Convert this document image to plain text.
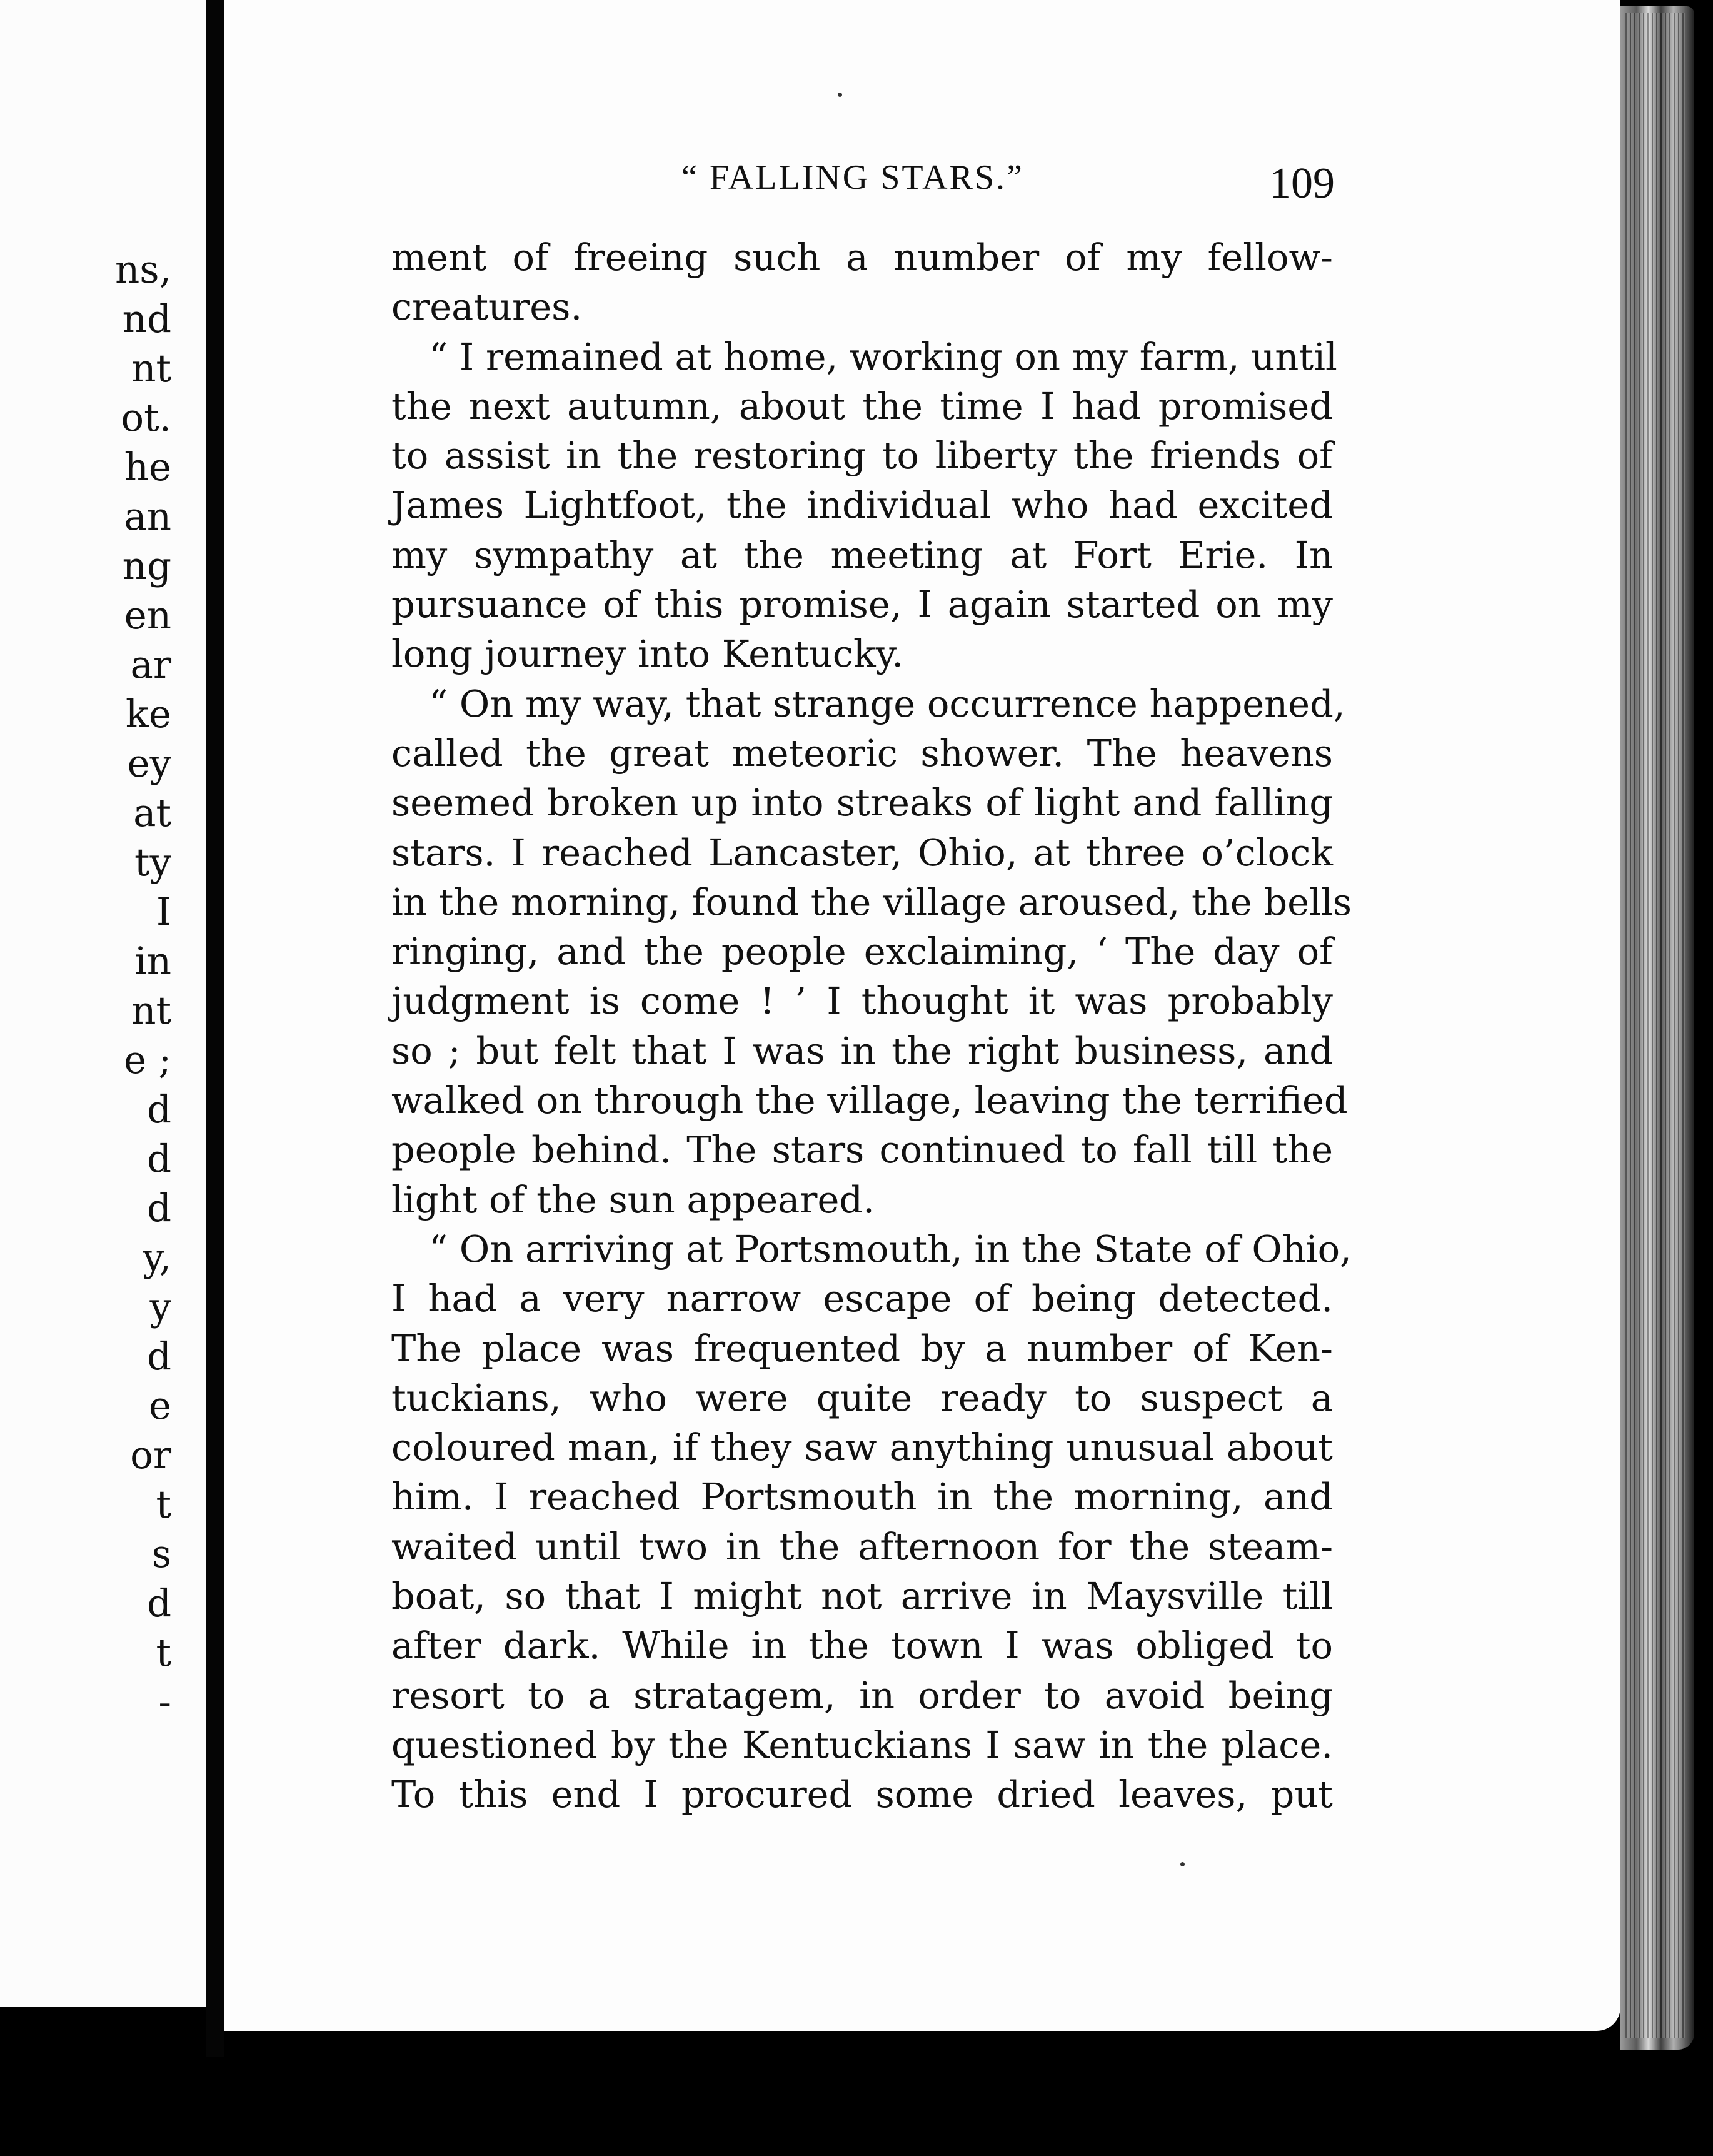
ns,
nd
nt
ot.
he
an
ng
en
ar
ke
ey
at
ty
I
in
nt
e ;
d
d
d
y,
y
d
e
or
t
s
d
t
-
“ FALLING STARS.”	109
ment of freeing such a number of my fellow-
creatures.
“ I remained at home, working on my farm, until
the next autumn, about the time I had promised
to assist in the restoring to liberty the friends of
James Lightfoot, the individual who had excited
my sympathy at the meeting at Fort Erie. In
pursuance of this promise, I again started on my
long journey into Kentucky.
“ On my way, that strange occurrence happened,
called the great meteoric shower. The heavens
seemed broken up into streaks of light and falling
stars. I reached Lancaster, Ohio, at three o’clock
in the morning, found the village aroused, the bells
ringing, and the people exclaiming, ‘ The day of
judgment is come ! ’ I thought it was probably
so ; but felt that I was in the right business, and
walked on through the village, leaving the terrified
people behind. The stars continued to fall till the
light of the sun appeared.
“ On arriving at Portsmouth, in the State of Ohio,
I had a very narrow escape of being detected.
The place was frequented by a number of Ken-
tuckians, who were quite ready to suspect a
coloured man, if they saw anything unusual about
him. I reached Portsmouth in the morning, and
waited until two in the afternoon for the steam-
boat, so that I might not arrive in Maysville till
after dark. While in the town I was obliged to
resort to a stratagem, in order to avoid being
questioned by the Kentuckians I saw in the place.
To this end I procured some dried leaves, put
